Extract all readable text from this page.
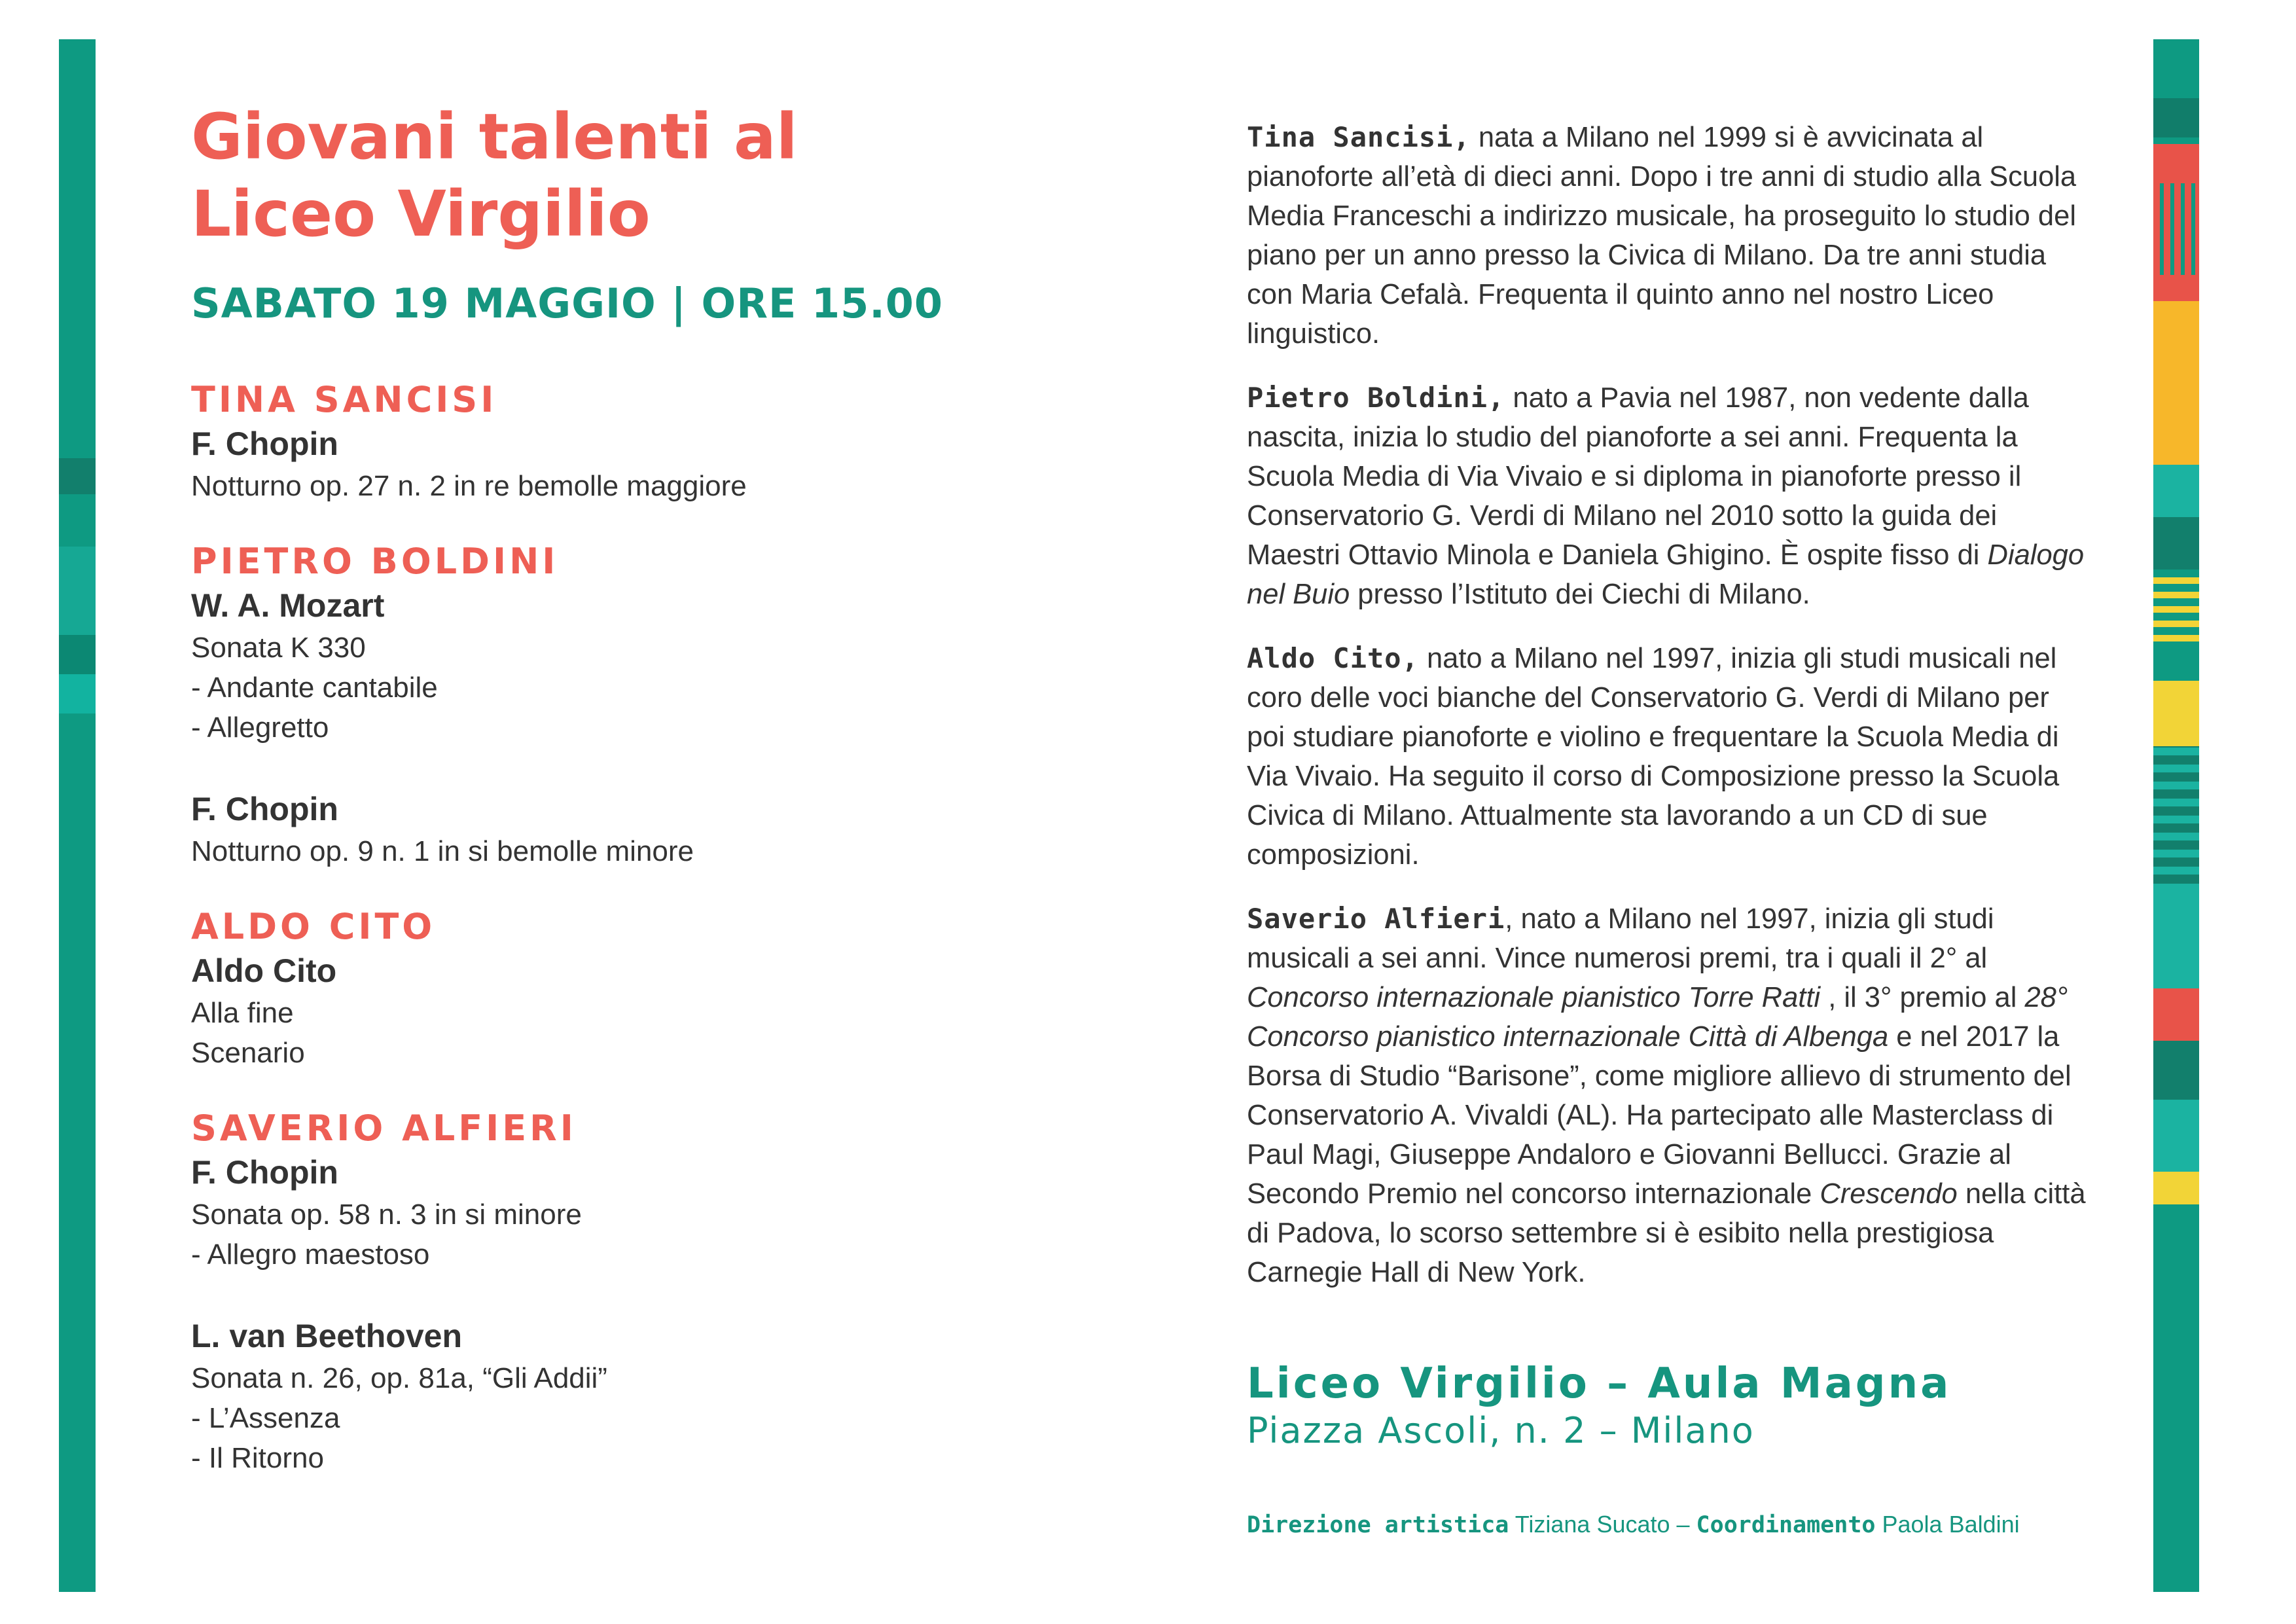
Giovani talenti al
Liceo Virgilio
SABATO 19 MAGGIO | ORE 15.00
TINA SANCISI
F. Chopin
Notturno op. 27 n. 2 in re bemolle maggiore
PIETRO BOLDINI
W. A. Mozart
Sonata K 330
- Andante cantabile
- Allegretto
F. Chopin
Notturno op. 9 n. 1 in si bemolle minore
ALDO CITO
Aldo Cito
Alla fine
Scenario
SAVERIO ALFIERI
F. Chopin
Sonata op. 58 n. 3 in si minore
- Allegro maestoso
L. van Beethoven
Sonata n. 26, op. 81a, “Gli Addii”
- L’Assenza
- Il Ritorno

Tina Sancisi, nata a Milano nel 1999 si è avvicinata al pianoforte all’età di dieci anni. Dopo i tre anni di studio alla Scuola Media Franceschi a indirizzo musicale, ha proseguito lo studio del piano per un anno presso la Civica di Milano. Da tre anni studia con Maria Cefalà. Frequenta il quinto anno nel nostro Liceo linguistico.

Pietro Boldini, nato a Pavia nel 1987, non vedente dalla nascita, inizia lo studio del pianoforte a sei anni. Frequenta la Scuola Media di Via Vivaio e si diploma in pianoforte presso il Conservatorio G. Verdi di Milano nel 2010 sotto la guida dei Maestri Ottavio Minola e Daniela Ghigino. È ospite fisso di Dialogo nel Buio presso l’Istituto dei Ciechi di Milano.

Aldo Cito, nato a Milano nel 1997, inizia gli studi musicali nel coro delle voci bianche del Conservatorio G. Verdi di Milano per poi studiare pianoforte e violino e frequentare la Scuola Media di Via Vivaio. Ha seguito il corso di Composizione presso la Scuola Civica di Milano. Attualmente sta lavorando a un CD di sue composizioni.

Saverio Alfieri, nato a Milano nel 1997, inizia gli studi musicali a sei anni. Vince numerosi premi, tra i quali il 2° al Concorso internazionale pianistico Torre Ratti , il 3° premio al 28° Concorso pianistico internazionale Città di Albenga e nel 2017 la Borsa di Studio “Barisone”, come migliore allievo di strumento del Conservatorio A. Vivaldi (AL). Ha partecipato alle Masterclass di Paul Magi, Giuseppe Andaloro e Giovanni Bellucci. Grazie al Secondo Premio nel concorso internazionale Crescendo nella città di Padova, lo scorso settembre si è esibito nella prestigiosa Carnegie Hall di New York.

Liceo Virgilio – Aula Magna
Piazza Ascoli, n. 2 – Milano
Direzione artistica Tiziana Sucato – Coordinamento Paola Baldini
